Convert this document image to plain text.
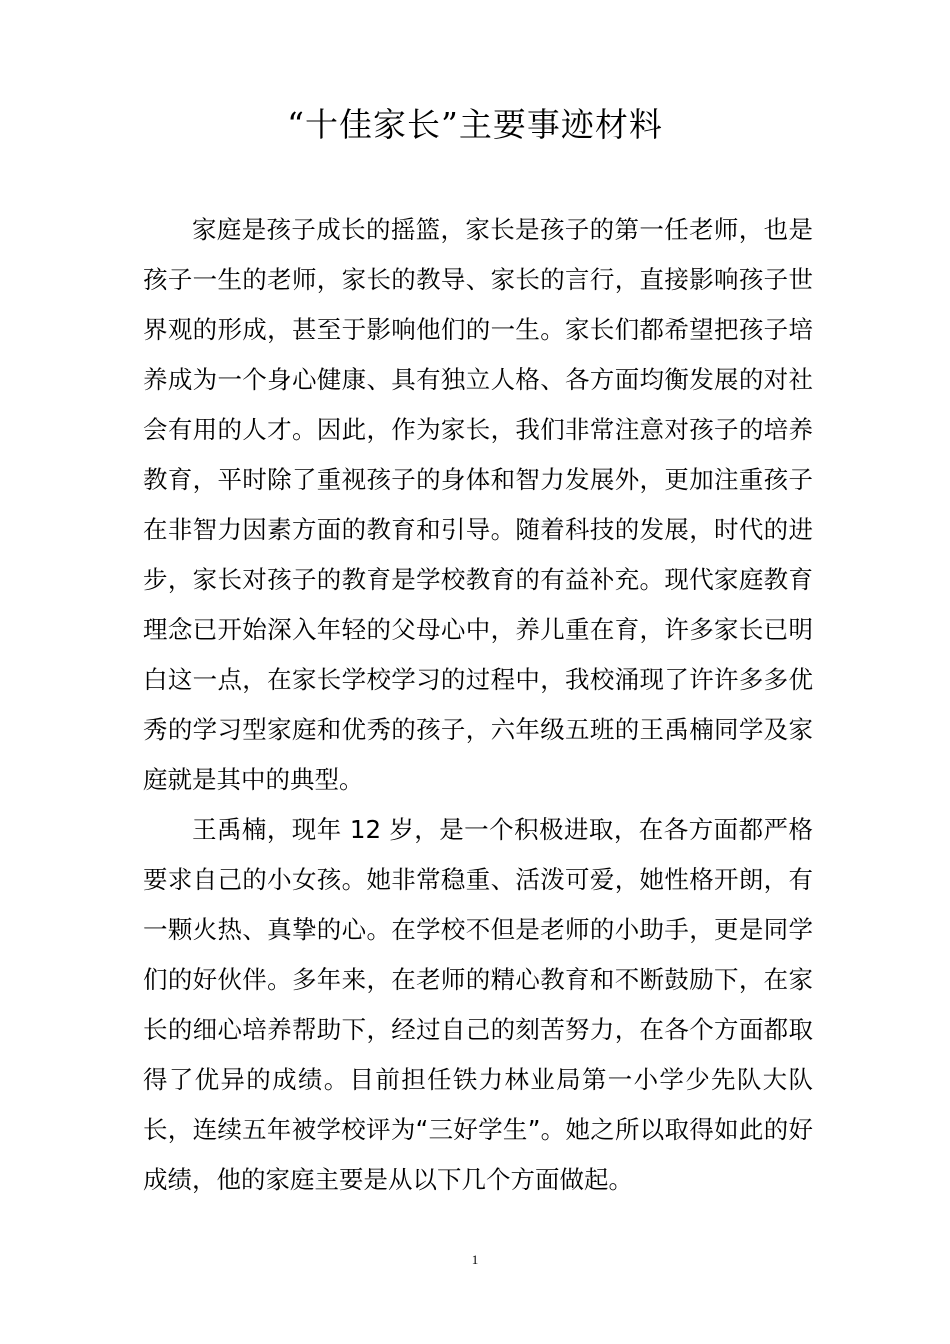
“十佳家长”主要事迹材料

家庭是孩子成长的摇篮，家长是孩子的第一任老师，也是孩子一生的老师，家长的教导、家长的言行，直接影响孩子世界观的形成，甚至于影响他们的一生。家长们都希望把孩子培养成为一个身心健康、具有独立人格、各方面均衡发展的对社会有用的人才。因此，作为家长，我们非常注意对孩子的培养教育，平时除了重视孩子的身体和智力发展外，更加注重孩子在非智力因素方面的教育和引导。随着科技的发展，时代的进步，家长对孩子的教育是学校教育的有益补充。现代家庭教育理念已开始深入年轻的父母心中，养儿重在育，许多家长已明白这一点，在家长学校学习的过程中，我校涌现了许许多多优秀的学习型家庭和优秀的孩子，六年级五班的王禹楠同学及家庭就是其中的典型。

王禹楠，现年 12 岁，是一个积极进取，在各方面都严格要求自己的小女孩。她非常稳重、活泼可爱，她性格开朗，有一颗火热、真挚的心。在学校不但是老师的小助手，更是同学们的好伙伴。多年来，在老师的精心教育和不断鼓励下，在家长的细心培养帮助下，经过自己的刻苦努力，在各个方面都取得了优异的成绩。目前担任铁力林业局第一小学少先队大队长，连续五年被学校评为“三好学生”。她之所以取得如此的好成绩，他的家庭主要是从以下几个方面做起。

1
